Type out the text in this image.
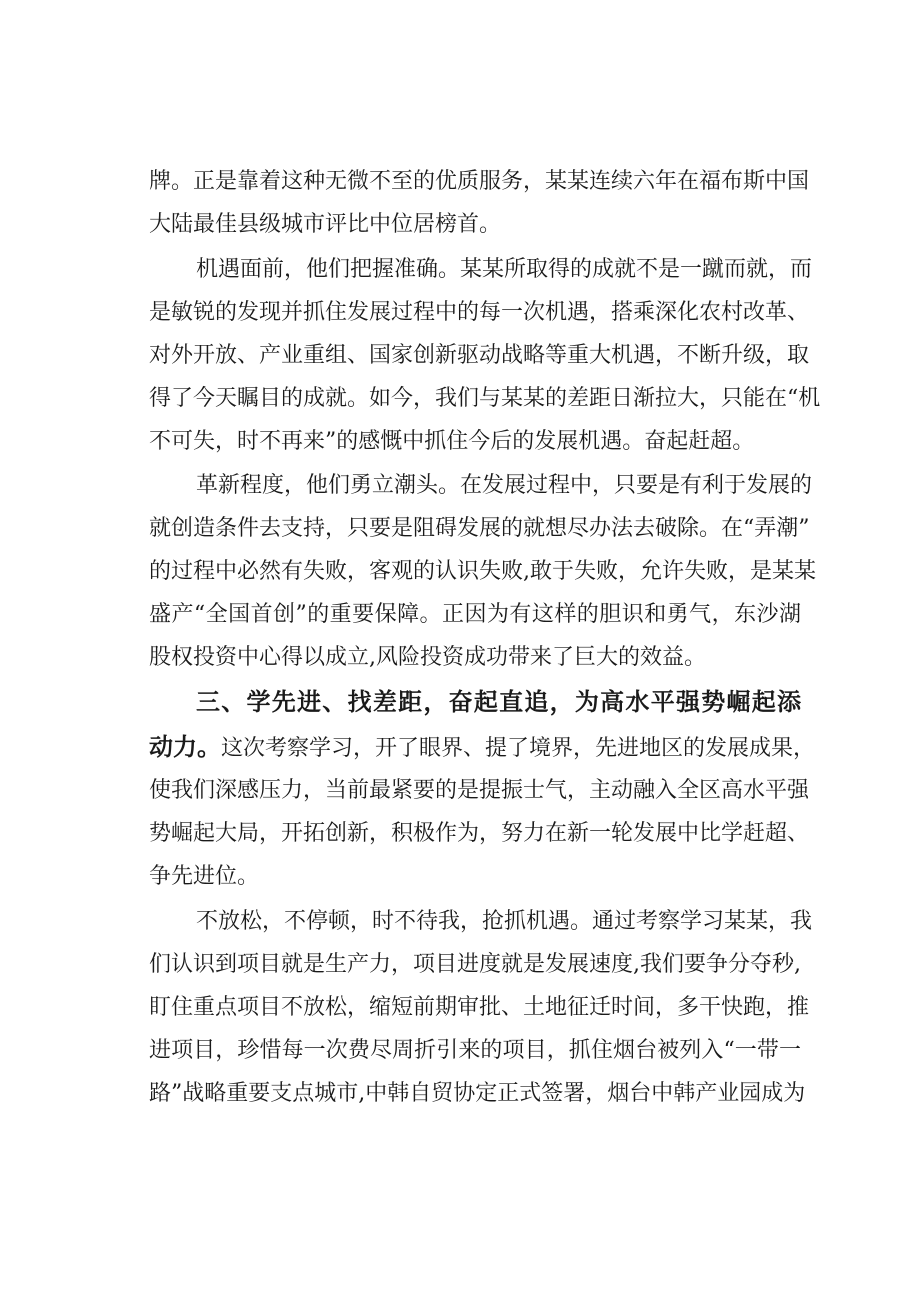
牌。正是靠着这种无微不至的优质服务，某某连续六年在福布斯中国
大陆最佳县级城市评比中位居榜首。
机遇面前，他们把握准确。某某所取得的成就不是一蹴而就，而
是敏锐的发现并抓住发展过程中的每一次机遇，搭乘深化农村改革、
对外开放、产业重组、国家创新驱动战略等重大机遇，不断升级，取
得了今天瞩目的成就。如今，我们与某某的差距日渐拉大，只能在“机
不可失，时不再来”的感慨中抓住今后的发展机遇。奋起赶超。
革新程度，他们勇立潮头。在发展过程中，只要是有利于发展的
就创造条件去支持，只要是阻碍发展的就想尽办法去破除。在“弄潮”
的过程中必然有失败，客观的认识失败,敢于失败，允许失败，是某某
盛产“全国首创”的重要保障。正因为有这样的胆识和勇气，东沙湖
股权投资中心得以成立,风险投资成功带来了巨大的效益。
三、学先进、找差距，奋起直追，为高水平强势崛起添
动力。这次考察学习，开了眼界、提了境界，先进地区的发展成果，
使我们深感压力，当前最紧要的是提振士气，主动融入全区高水平强
势崛起大局，开拓创新，积极作为，努力在新一轮发展中比学赶超、
争先进位。
不放松，不停顿，时不待我，抢抓机遇。通过考察学习某某，我
们认识到项目就是生产力，项目进度就是发展速度,我们要争分夺秒,
盯住重点项目不放松，缩短前期审批、土地征迁时间，多干快跑，推
进项目，珍惜每一次费尽周折引来的项目，抓住烟台被列入“一带一
路”战略重要支点城市,中韩自贸协定正式签署，烟台中韩产业园成为
